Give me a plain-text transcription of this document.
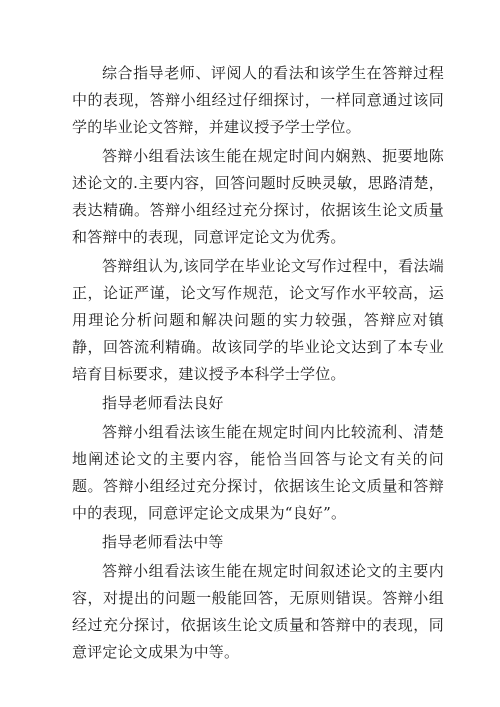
综合指导老师、评阅人的看法和该学生在答辩过程中的表现，答辩小组经过仔细探讨，一样同意通过该同学的毕业论文答辩，并建议授予学士学位。

答辩小组看法该生能在规定时间内娴熟、扼要地陈述论文的.主要内容，回答问题时反映灵敏，思路清楚，表达精确。答辩小组经过充分探讨，依据该生论文质量和答辩中的表现，同意评定论文为优秀。

答辩组认为,该同学在毕业论文写作过程中，看法端正，论证严谨，论文写作规范，论文写作水平较高，运用理论分析问题和解决问题的实力较强，答辩应对镇静，回答流利精确。故该同学的毕业论文达到了本专业培育目标要求，建议授予本科学士学位。

指导老师看法良好

答辩小组看法该生能在规定时间内比较流利、清楚地阐述论文的主要内容，能恰当回答与论文有关的问题。答辩小组经过充分探讨，依据该生论文质量和答辩中的表现，同意评定论文成果为“良好”。

指导老师看法中等

答辩小组看法该生能在规定时间叙述论文的主要内容，对提出的问题一般能回答，无原则错误。答辩小组经过充分探讨，依据该生论文质量和答辩中的表现，同意评定论文成果为中等。
